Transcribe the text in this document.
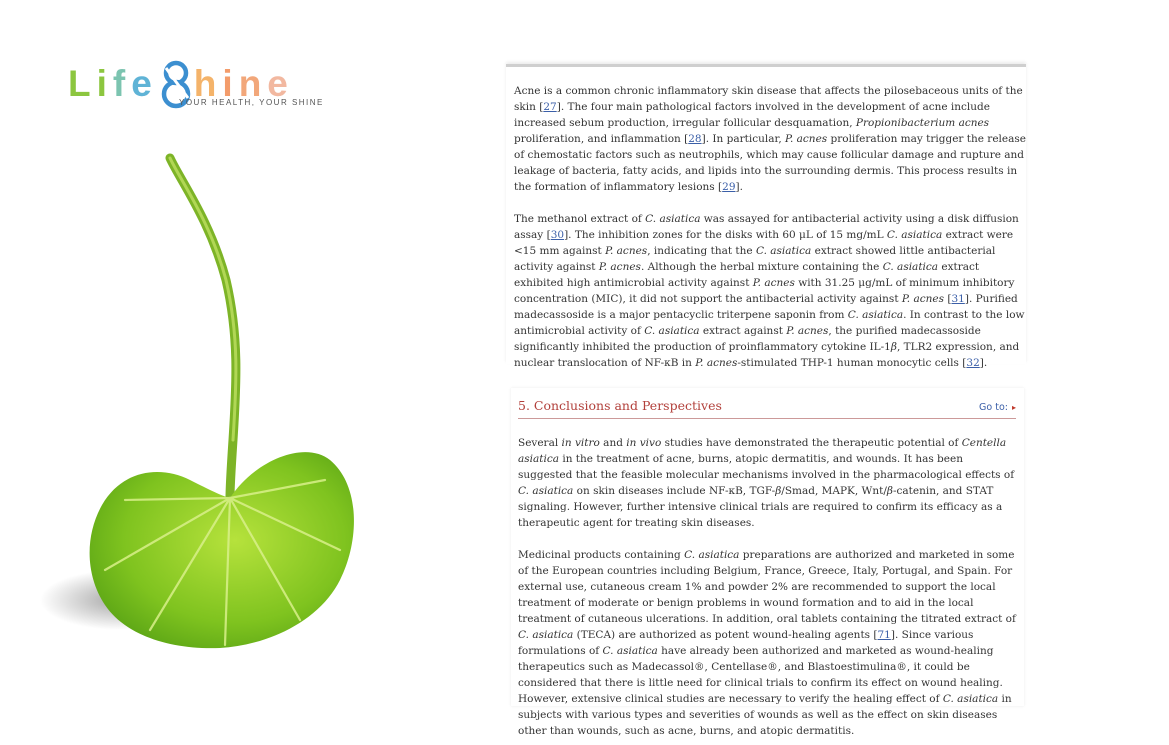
Life hine
YOUR HEALTH, YOUR SHINE

Acne is a common chronic inflammatory skin disease that affects the pilosebaceous units of the skin [27]. The four main pathological factors involved in the development of acne include increased sebum production, irregular follicular desquamation, Propionibacterium acnes proliferation, and inflammation [28]. In particular, P. acnes proliferation may trigger the release of chemostatic factors such as neutrophils, which may cause follicular damage and rupture and leakage of bacteria, fatty acids, and lipids into the surrounding dermis. This process results in the formation of inflammatory lesions [29].

The methanol extract of C. asiatica was assayed for antibacterial activity using a disk diffusion assay [30]. The inhibition zones for the disks with 60 μL of 15 mg/mL C. asiatica extract were <15 mm against P. acnes, indicating that the C. asiatica extract showed little antibacterial activity against P. acnes. Although the herbal mixture containing the C. asiatica extract exhibited high antimicrobial activity against P. acnes with 31.25 μg/mL of minimum inhibitory concentration (MIC), it did not support the antibacterial activity against P. acnes [31]. Purified madecassoside is a major pentacyclic triterpene saponin from C. asiatica. In contrast to the low antimicrobial activity of C. asiatica extract against P. acnes, the purified madecassoside significantly inhibited the production of proinflammatory cytokine IL-1β, TLR2 expression, and nuclear translocation of NF-κB in P. acnes-stimulated THP-1 human monocytic cells [32].

5. Conclusions and Perspectives	Go to: ▸

Several in vitro and in vivo studies have demonstrated the therapeutic potential of Centella asiatica in the treatment of acne, burns, atopic dermatitis, and wounds. It has been suggested that the feasible molecular mechanisms involved in the pharmacological effects of C. asiatica on skin diseases include NF-κB, TGF-β/Smad, MAPK, Wnt/β-catenin, and STAT signaling. However, further intensive clinical trials are required to confirm its efficacy as a therapeutic agent for treating skin diseases.

Medicinal products containing C. asiatica preparations are authorized and marketed in some of the European countries including Belgium, France, Greece, Italy, Portugal, and Spain. For external use, cutaneous cream 1% and powder 2% are recommended to support the local treatment of moderate or benign problems in wound formation and to aid in the local treatment of cutaneous ulcerations. In addition, oral tablets containing the titrated extract of C. asiatica (TECA) are authorized as potent wound-healing agents [71]. Since various formulations of C. asiatica have already been authorized and marketed as wound-healing therapeutics such as Madecassol®, Centellase®, and Blastoestimulina®, it could be considered that there is little need for clinical trials to confirm its effect on wound healing. However, extensive clinical studies are necessary to verify the healing effect of C. asiatica in subjects with various types and severities of wounds as well as the effect on skin diseases other than wounds, such as acne, burns, and atopic dermatitis.
